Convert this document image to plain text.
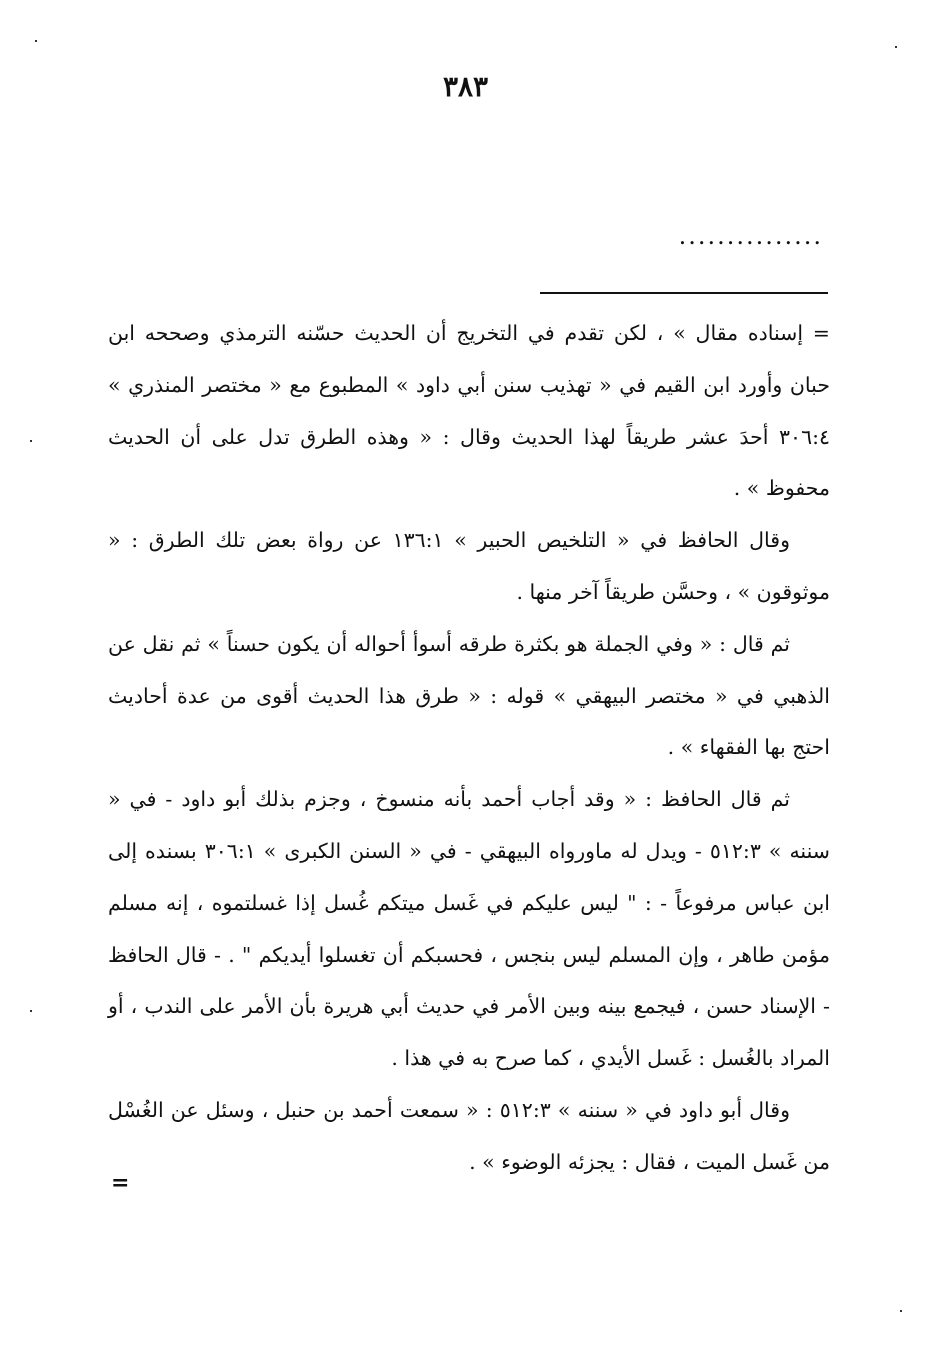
٣٨٣
...............

= إسناده مقال » ، لكن تقدم في التخريج أن الحديث حسّنه الترمذي وصححه ابن حبان وأورد ابن القيم في « تهذيب سنن أبي داود » المطبوع مع « مختصر المنذري » ٣٠٦:٤ أحدَ عشر طريقاً لهذا الحديث وقال : « وهذه الطرق تدل على أن الحديث محفوظ » .

وقال الحافظ في « التلخيص الحبير » ١٣٦:١ عن رواة بعض تلك الطرق : « موثوقون » ، وحسَّن طريقاً آخر منها .

ثم قال : « وفي الجملة هو بكثرة طرقه أسوأ أحواله أن يكون حسناً » ثم نقل عن الذهبي في « مختصر البيهقي » قوله : « طرق هذا الحديث أقوى من عدة أحاديث احتج بها الفقهاء » .

ثم قال الحافظ : « وقد أجاب أحمد بأنه منسوخ ، وجزم بذلك أبو داود - في « سننه » ٥١٢:٣ - ويدل له ماورواه البيهقي - في « السنن الكبرى » ٣٠٦:١ بسنده إلى ابن عباس مرفوعاً - : " ليس عليكم في غَسل ميتكم غُسل إذا غسلتموه ، إنه مسلم مؤمن طاهر ، وإن المسلم ليس بنجس ، فحسبكم أن تغسلوا أيديكم " . - قال الحافظ - الإسناد حسن ، فيجمع بينه وبين الأمر في حديث أبي هريرة بأن الأمر على الندب ، أو المراد بالغُسل : غَسل الأيدي ، كما صرح به في هذا .

وقال أبو داود في « سننه » ٥١٢:٣ : « سمعت أحمد بن حنبل ، وسئل عن الغُسْل من غَسل الميت ، فقال : يجزئه الوضوء » .

=
